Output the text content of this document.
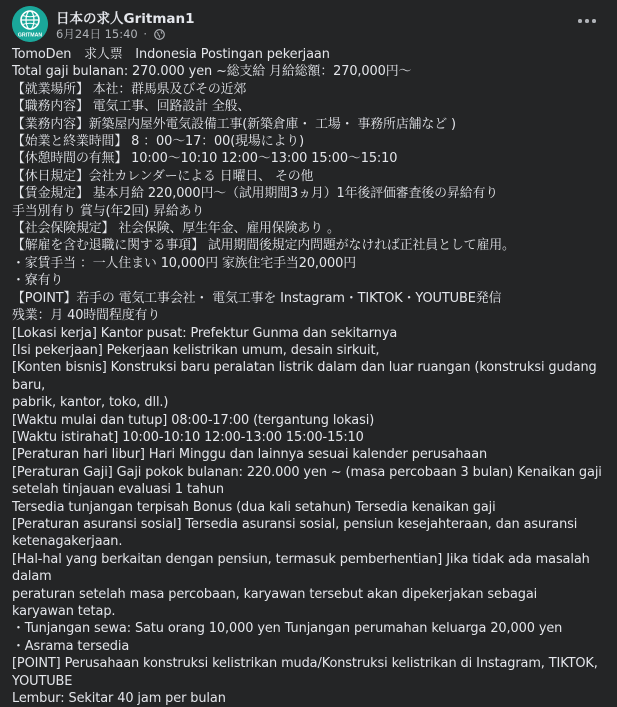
GRITMAN
日本の求人Gritman1
6月24日 15:40 ·
TomoDen　求人票　Indonesia Postingan pekerjaan
Total gaji bulanan: 270.000 yen ~総支給 月給総額：270,000円～
【就業場所】 本社：群馬県及びその近郊
【職務内容】 電気工事、回路設計 全般、
【業務内容】新築屋内屋外電気設備工事(新築倉庫・ 工場・ 事務所店舗など )
【始業と終業時間】 8 ：00～17：00(現場により)
【休憩時間の有無】 10:00～10:10 12:00～13:00 15:00～15:10
【休日規定】会社カレンダーによる 日曜日、 その他
【賃金規定】 基本月給 220,000円～（試用期間3ヵ月）1年後評価審査後の昇給有り
手当別有り 賞与(年2回) 昇給あり
【社会保険規定】 社会保険、厚生年金、雇用保険あり 。
【解雇を含む退職に関する事項】 試用期間後規定内問題がなければ正社員として雇用。
・家賃手当 ：一人住まい 10,000円 家族住宅手当20,000円
・寮有り
【POINT】若手の 電気工事会社・ 電気工事を Instagram・TIKTOK・YOUTUBE発信
残業：月 40時間程度有り
[Lokasi kerja] Kantor pusat: Prefektur Gunma dan sekitarnya
[Isi pekerjaan] Pekerjaan kelistrikan umum, desain sirkuit,
[Konten bisnis] Konstruksi baru peralatan listrik dalam dan luar ruangan (konstruksi gudang baru,
pabrik, kantor, toko, dll.)
[Waktu mulai dan tutup] 08:00-17:00 (tergantung lokasi)
[Waktu istirahat] 10:00-10:10 12:00-13:00 15:00-15:10
[Peraturan hari libur] Hari Minggu dan lainnya sesuai kalender perusahaan
[Peraturan Gaji] Gaji pokok bulanan: 220.000 yen ~ (masa percobaan 3 bulan) Kenaikan gaji
setelah tinjauan evaluasi 1 tahun
Tersedia tunjangan terpisah Bonus (dua kali setahun) Tersedia kenaikan gaji
[Peraturan asuransi sosial] Tersedia asuransi sosial, pensiun kesejahteraan, dan asuransi
ketenagakerjaan.
[Hal-hal yang berkaitan dengan pensiun, termasuk pemberhentian] Jika tidak ada masalah dalam
peraturan setelah masa percobaan, karyawan tersebut akan dipekerjakan sebagai karyawan tetap.
・Tunjangan sewa: Satu orang 10,000 yen Tunjangan perumahan keluarga 20,000 yen
・Asrama tersedia
[POINT] Perusahaan konstruksi kelistrikan muda/Konstruksi kelistrikan di Instagram, TIKTOK,
YOUTUBE
Lembur: Sekitar 40 jam per bulan
